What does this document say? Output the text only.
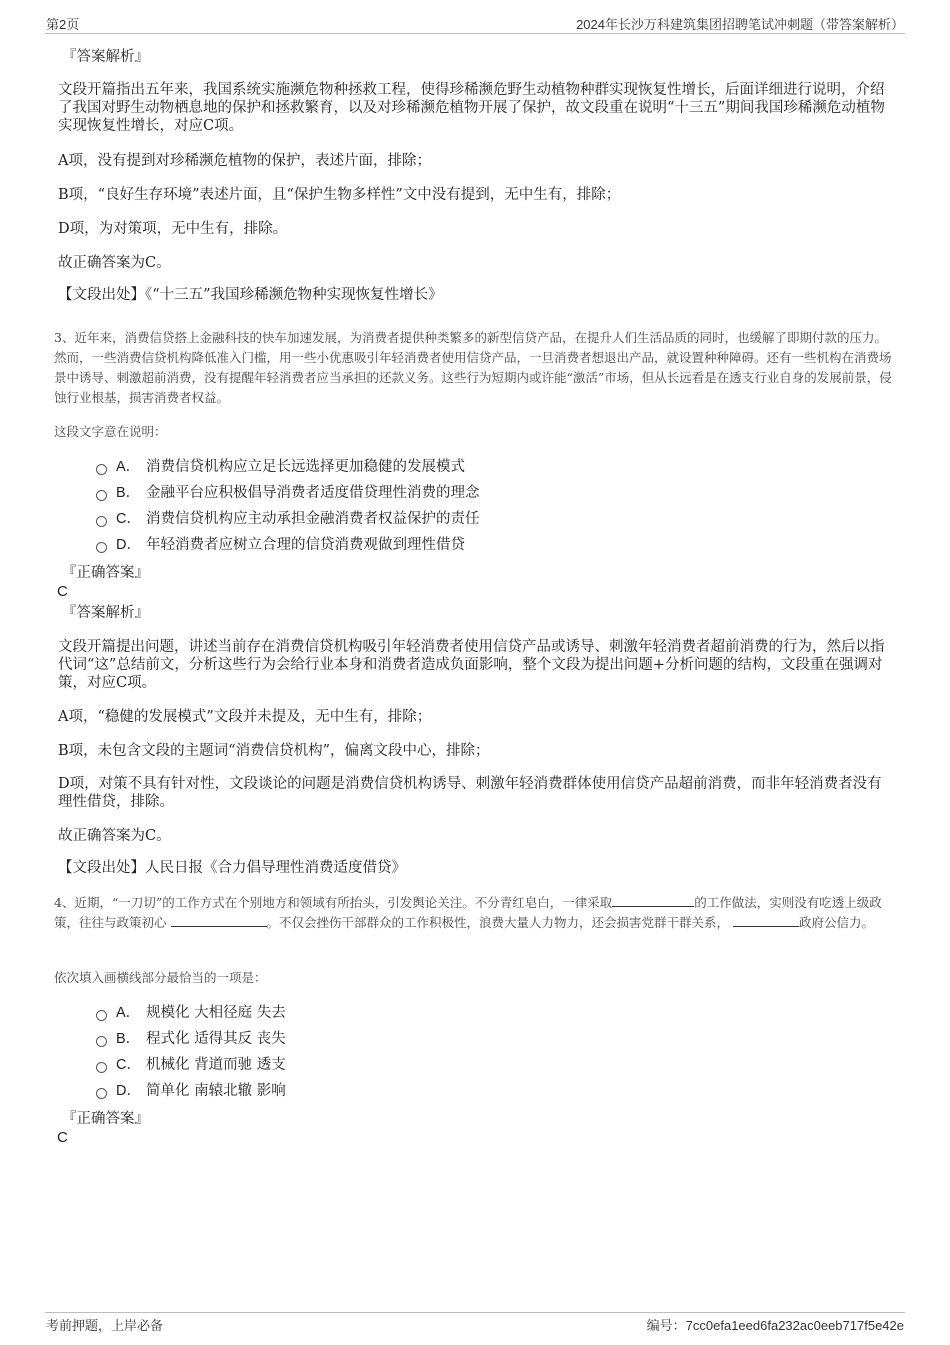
第2页	2024年长沙万科建筑集团招聘笔试冲刺题（带答案解析）
『答案解析』

文段开篇指出五年来，我国系统实施濒危物种拯救工程，使得珍稀濒危野生动植物种群实现恢复性增长，后面详细进行说明，介绍了我国对野生动物栖息地的保护和拯救繁育，以及对珍稀濒危植物开展了保护，故文段重在说明“十三五”期间我国珍稀濒危动植物实现恢复性增长，对应C项。

A项，没有提到对珍稀濒危植物的保护，表述片面，排除；

B项，“良好生存环境”表述片面，且“保护生物多样性”文中没有提到，无中生有，排除；

D项，为对策项，无中生有，排除。

故正确答案为C。

【文段出处】《“十三五”我国珍稀濒危物种实现恢复性增长》

3、近年来，消费信贷搭上金融科技的快车加速发展，为消费者提供种类繁多的新型信贷产品，在提升人们生活品质的同时，也缓解了即期付款的压力。然而，一些消费信贷机构降低准入门槛，用一些小优惠吸引年轻消费者使用信贷产品，一旦消费者想退出产品，就设置种种障碍。还有一些机构在消费场景中诱导、刺激超前消费，没有提醒年轻消费者应当承担的还款义务。这些行为短期内或许能“激活”市场，但从长远看是在透支行业自身的发展前景，侵蚀行业根基，损害消费者权益。

这段文字意在说明：

A． 消费信贷机构应立足长远选择更加稳健的发展模式
B． 金融平台应积极倡导消费者适度借贷理性消费的理念
C． 消费信贷机构应主动承担金融消费者权益保护的责任
D． 年轻消费者应树立合理的信贷消费观做到理性借贷
『正确答案』
C
『答案解析』

文段开篇提出问题，讲述当前存在消费信贷机构吸引年轻消费者使用信贷产品或诱导、刺激年轻消费者超前消费的行为，然后以指代词“这”总结前文，分析这些行为会给行业本身和消费者造成负面影响，整个文段为提出问题+分析问题的结构，文段重在强调对策，对应C项。

A项，“稳健的发展模式”文段并未提及，无中生有，排除；

B项，未包含文段的主题词“消费信贷机构”，偏离文段中心，排除；

D项，对策不具有针对性，文段谈论的问题是消费信贷机构诱导、刺激年轻消费群体使用信贷产品超前消费，而非年轻消费者没有理性借贷，排除。

故正确答案为C。

【文段出处】人民日报《合力倡导理性消费适度借贷》

4、近期，“一刀切”的工作方式在个别地方和领域有所抬头，引发舆论关注。不分青红皂白，一律采取	的工作做法，实则没有吃透上级政策，往往与政策初心	。不仅会挫伤干部群众的工作积极性，浪费大量人力物力，还会损害党群干群关系，	政府公信力。

依次填入画横线部分最恰当的一项是：

A． 规模化 大相径庭 失去
B． 程式化 适得其反 丧失
C． 机械化 背道而驰 透支
D． 简单化 南辕北辙 影响
『正确答案』
C
考前押题，上岸必备	编号：7cc0efa1eed6fa232ac0eeb717f5e42e
